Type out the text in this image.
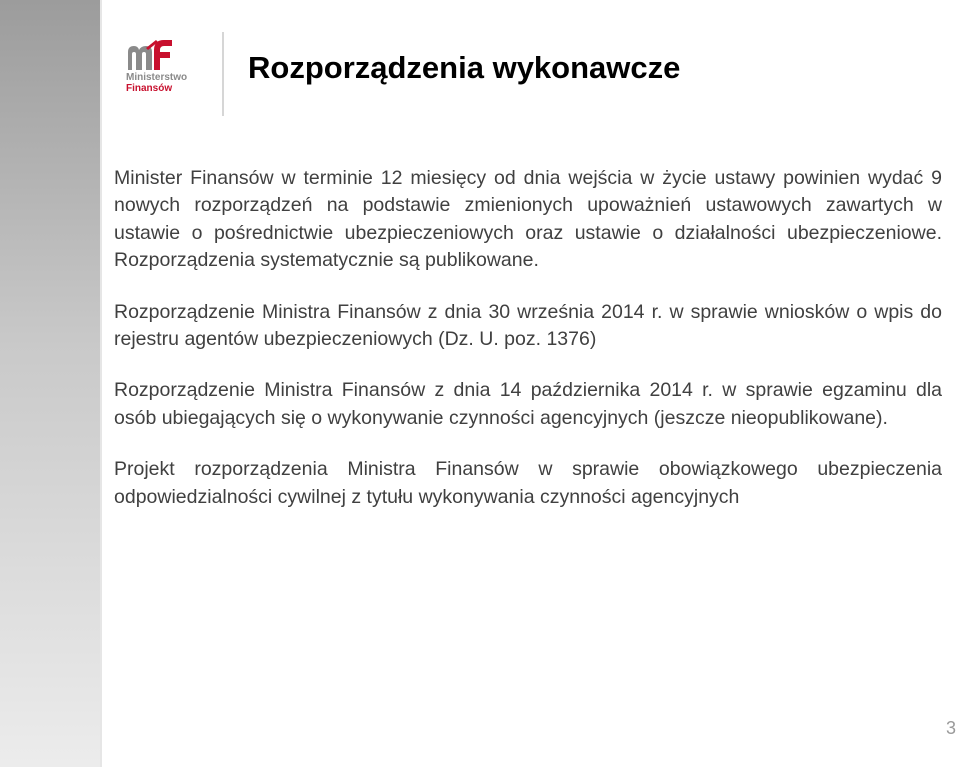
Ministerstwo
Finansów
Rozporządzenia wykonawcze

Minister Finansów w terminie 12 miesięcy od dnia wejścia w życie ustawy powinien wydać 9 nowych rozporządzeń na podstawie zmienionych upoważnień ustawowych zawartych w ustawie o pośrednictwie ubezpieczeniowych oraz ustawie o działalności ubezpieczeniowe. Rozporządzenia systematycznie są publikowane.

Rozporządzenie Ministra Finansów z dnia 30 września 2014 r. w sprawie wniosków o wpis do rejestru agentów ubezpieczeniowych (Dz. U. poz. 1376)

Rozporządzenie Ministra Finansów z dnia 14 października 2014 r. w sprawie egzaminu dla osób ubiegających się o wykonywanie czynności agencyjnych (jeszcze nieopublikowane).

Projekt rozporządzenia Ministra Finansów w sprawie obowiązkowego ubezpieczenia odpowiedzialności cywilnej z tytułu wykonywania czynności agencyjnych

3
